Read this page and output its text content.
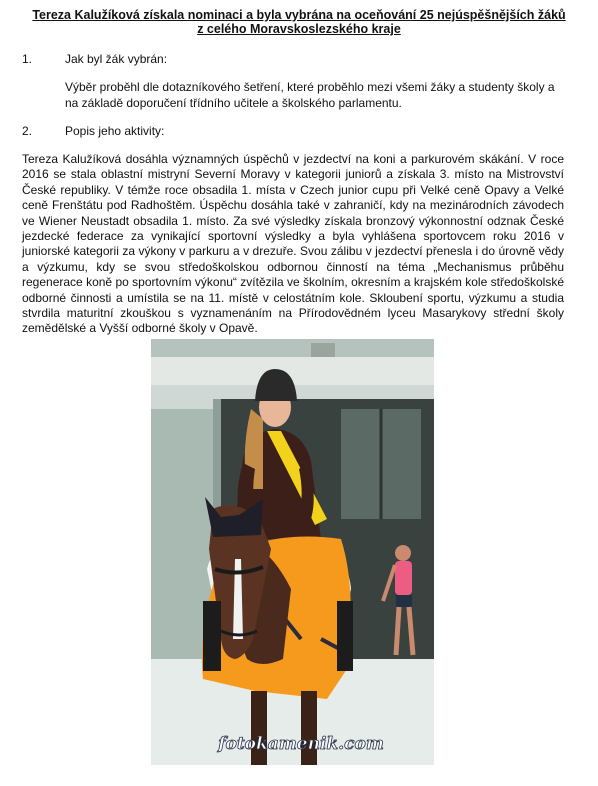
Tereza Kalužíková získala nominaci a byla vybrána na oceňování 25 nejúspěšnějších žáků
z celého Moravskoslezského kraje
1.	Jak byl žák vybrán:
Výběr proběhl dle dotazníkového šetření, které proběhlo mezi všemi žáky a studenty školy a na základě doporučení třídního učitele a školského parlamentu.
2.	Popis jeho aktivity:
Tereza Kalužíková dosáhla významných úspěchů v jezdectví na koni a parkurovém skákání. V roce 2016 se stala oblastní mistryní Severní Moravy v kategorii juniorů a získala 3. místo na Mistrovství České republiky. V témže roce obsadila 1. místa v Czech junior cupu při Velké ceně Opavy a Velké ceně Frenštátu pod Radhoštěm. Úspěchu dosáhla také v zahraničí, kdy na mezinárodních závodech ve Wiener Neustadt obsadila 1. místo. Za své výsledky získala bronzový výkonnostní odznak České jezdecké federace za vynikající sportovní výsledky a byla vyhlášena sportovcem roku 2016 v juniorské kategorii za výkony v parkuru a v drezuře. Svou zálibu v jezdectví přenesla i do úrovně vědy a výzkumu, kdy se svou středoškolskou odbornou činností na téma „Mechanismus průběhu regenerace koně po sportovním výkonu“ zvítězila ve školním, okresním a krajském kole středoškolské odborné činnosti a umístila se na 11. místě v celostátním kole. Skloubení sportu, výzkumu a studia stvrdila maturitní zkouškou s vyznamenáním na Přírodovědném lyceu Masarykovy střední školy zemědělské a Vyšší odborné školy v Opavě.
fotokamenik.com
